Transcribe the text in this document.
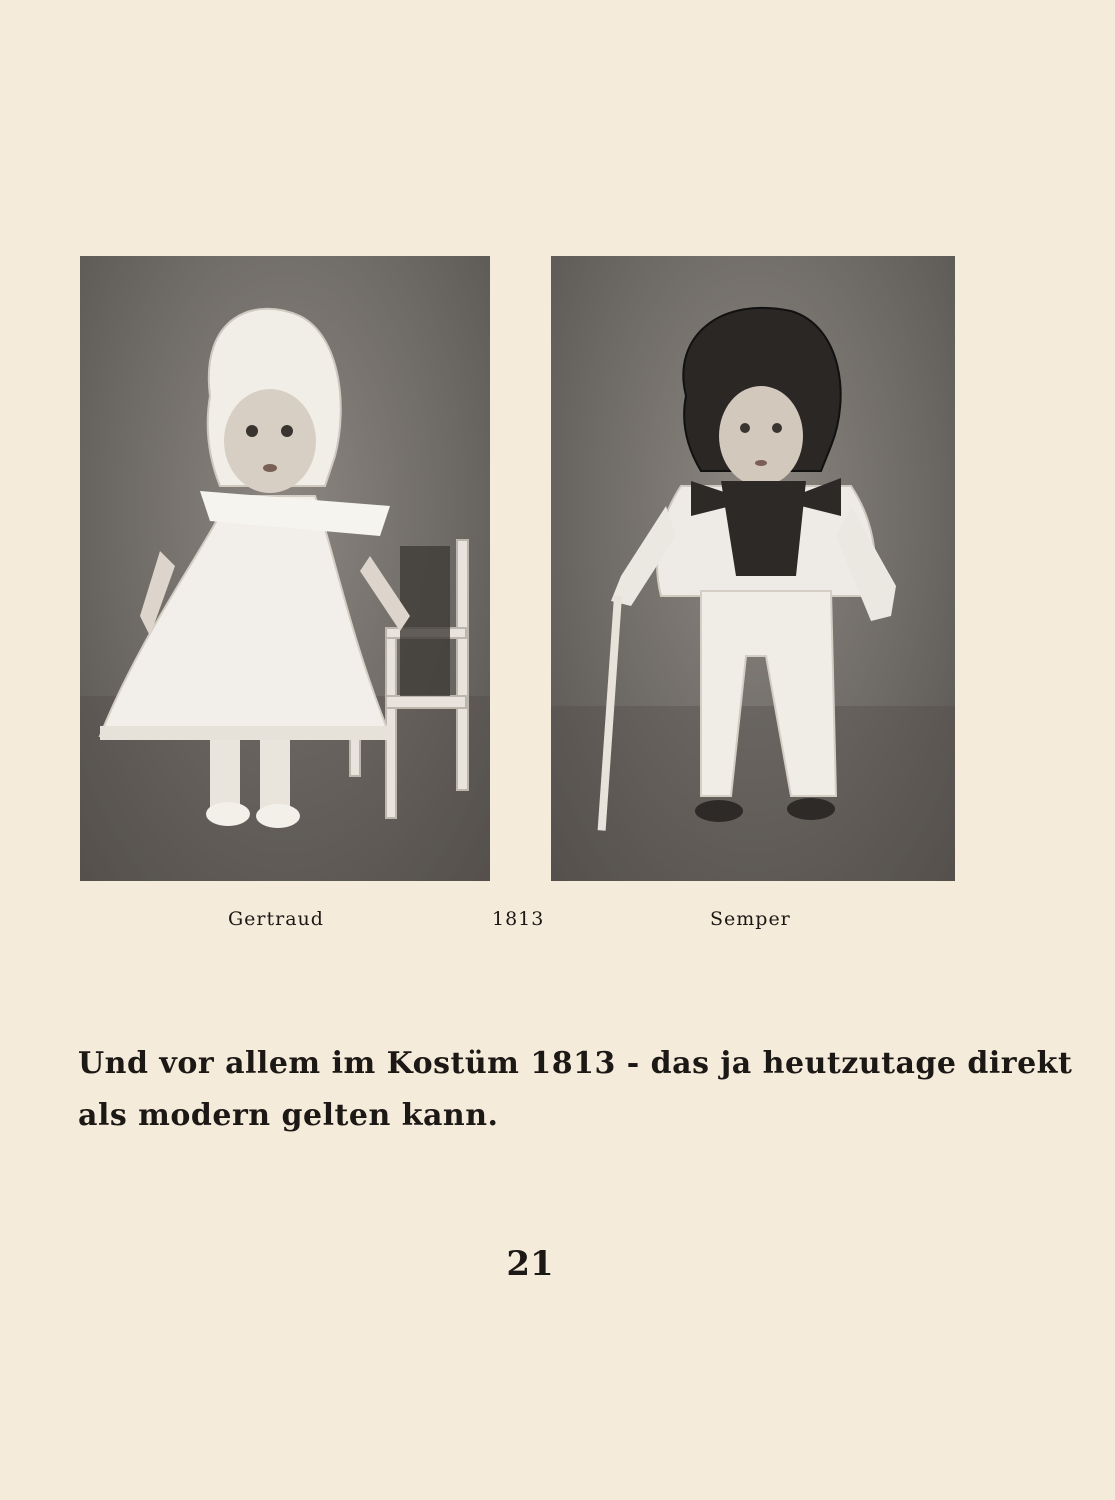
Gertraud	1813	Semper
Und vor allem im Kostüm 1813 - das ja heutzutage direkt
als modern gelten kann.
21
